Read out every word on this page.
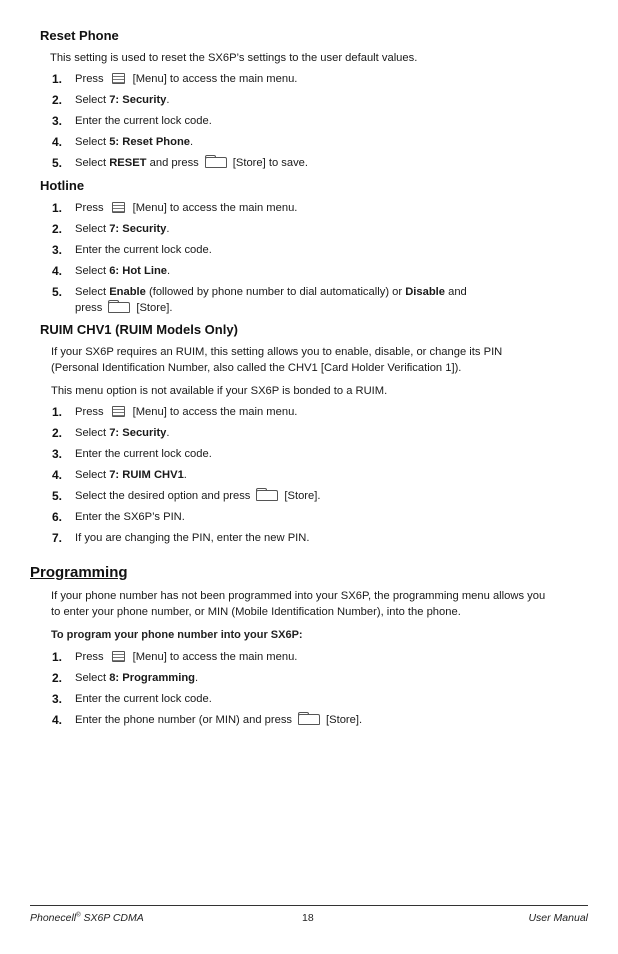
Reset Phone
This setting is used to reset the SX6P’s settings to the user default values.
1. Press	[Menu] to access the main menu.
2. Select 7: Security.
3. Enter the current lock code.
4. Select 5: Reset Phone.
5. Select RESET and press	[Store] to save.
Hotline
1. Press	[Menu] to access the main menu.
2. Select 7: Security.
3. Enter the current lock code.
4. Select 6: Hot Line.
5. Select Enable (followed by phone number to dial automatically) or Disable and
press	[Store].
RUIM CHV1 (RUIM Models Only)
If your SX6P requires an RUIM, this setting allows you to enable, disable, or change its PIN
(Personal Identification Number, also called the CHV1 [Card Holder Verification 1]).
This menu option is not available if your SX6P is bonded to a RUIM.
1. Press	[Menu] to access the main menu.
2. Select 7: Security.
3. Enter the current lock code.
4. Select 7: RUIM CHV1.
5. Select the desired option and press	[Store].
6. Enter the SX6P’s PIN.
7. If you are changing the PIN, enter the new PIN.
Programming
If your phone number has not been programmed into your SX6P, the programming menu allows you
to enter your phone number, or MIN (Mobile Identification Number), into the phone.
To program your phone number into your SX6P:
1. Press	[Menu] to access the main menu.
2. Select 8: Programming.
3. Enter the current lock code.
4. Enter the phone number (or MIN) and press	[Store].
Phonecell® SX6P CDMA	18	User Manual
